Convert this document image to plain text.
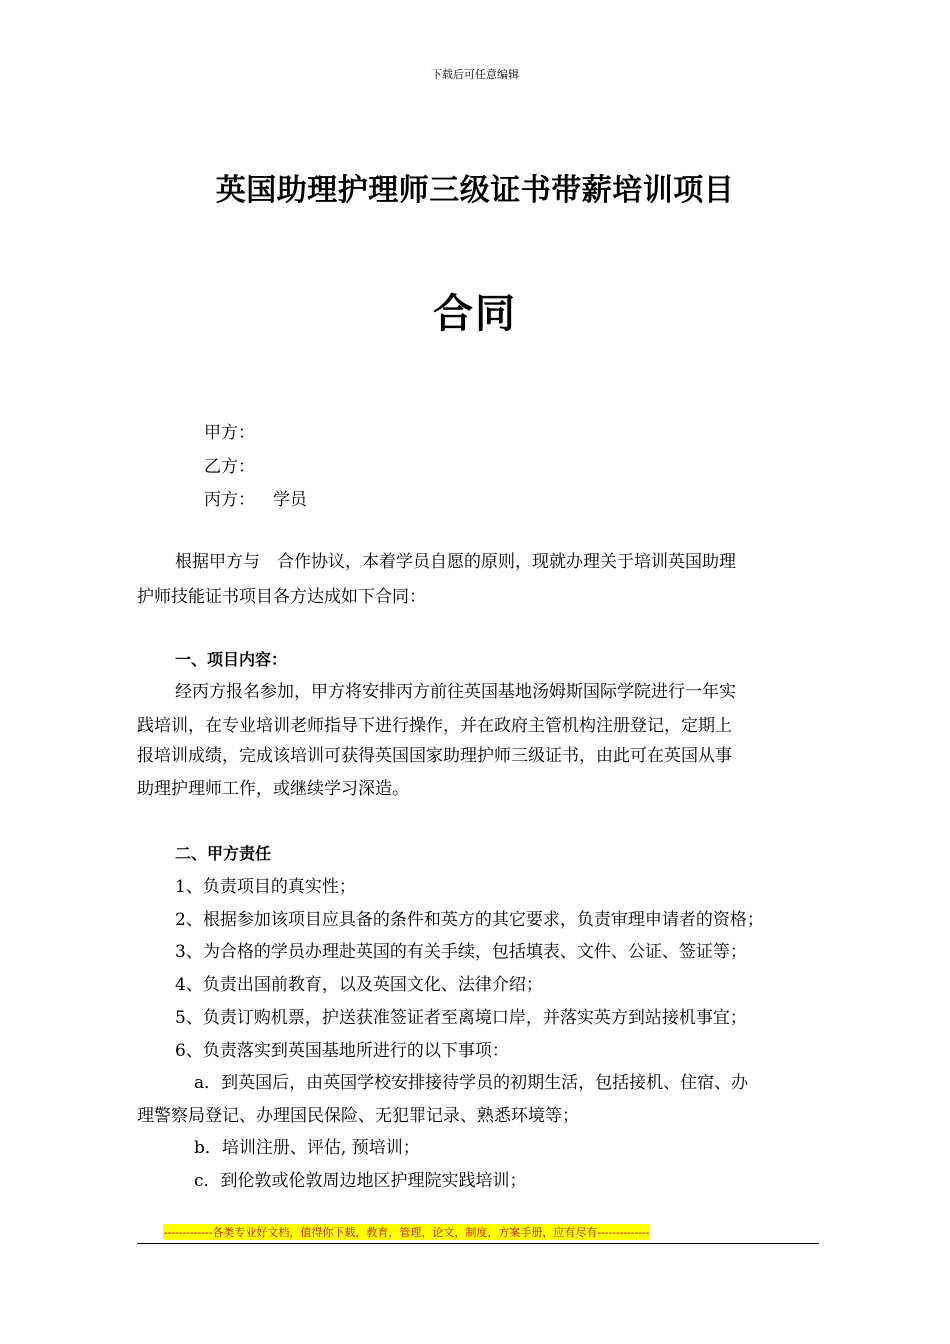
下载后可任意编辑
英国助理护理师三级证书带薪培训项目
合同
甲方：
乙方：
丙方： 学员
根据甲方与　合作协议，本着学员自愿的原则，现就办理关于培训英国助理
护师技能证书项目各方达成如下合同：
一、项目内容：
经丙方报名参加，甲方将安排丙方前往英国基地汤姆斯国际学院进行一年实
践培训，在专业培训老师指导下进行操作，并在政府主管机构注册登记，定期上
报培训成绩，完成该培训可获得英国国家助理护师三级证书，由此可在英国从事
助理护理师工作，或继续学习深造。
二、甲方责任
1、负责项目的真实性；
2、根据参加该项目应具备的条件和英方的其它要求，负责审理申请者的资格；
3、为合格的学员办理赴英国的有关手续，包括填表、文件、公证、签证等；
4、负责出国前教育，以及英国文化、法律介绍；
5、负责订购机票，护送获准签证者至离境口岸，并落实英方到站接机事宜；
6、负责落实到英国基地所进行的以下事项：
a．到英国后，由英国学校安排接待学员的初期生活，包括接机、住宿、办
理警察局登记、办理国民保险、无犯罪记录、熟悉环境等；
b．培训注册、评估, 预培训；
c．到伦敦或伦敦周边地区护理院实践培训；
-------------各类专业好文档，值得你下载，教育，管理，论文，制度，方案手册，应有尽有--------------
